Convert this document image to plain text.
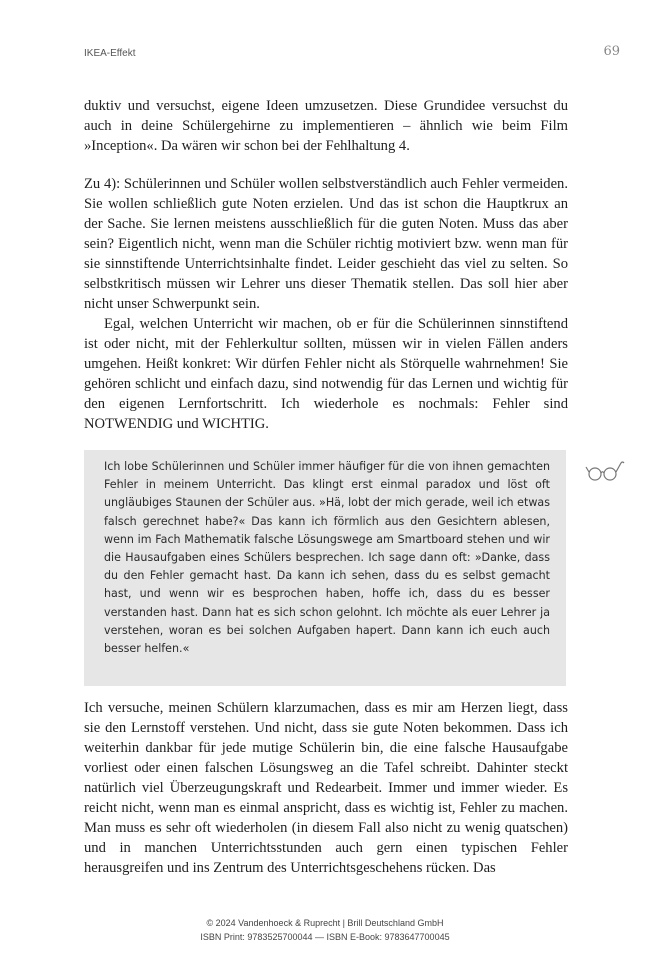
IKEA-Effekt	69

duktiv und versuchst, eigene Ideen umzusetzen. Diese Grundidee versuchst du auch in deine Schülergehirne zu implementieren – ähnlich wie beim Film »Inception«. Da wären wir schon bei der Fehlhaltung 4.

Zu 4): Schülerinnen und Schüler wollen selbstverständlich auch Fehler vermeiden. Sie wollen schließlich gute Noten erzielen. Und das ist schon die Hauptkrux an der Sache. Sie lernen meistens ausschließlich für die guten Noten. Muss das aber sein? Eigentlich nicht, wenn man die Schüler richtig motiviert bzw. wenn man für sie sinnstiftende Unterrichtsinhalte findet. Leider geschieht das viel zu selten. So selbstkritisch müssen wir Lehrer uns dieser Thematik stellen. Das soll hier aber nicht unser Schwerpunkt sein.

Egal, welchen Unterricht wir machen, ob er für die Schülerinnen sinnstiftend ist oder nicht, mit der Fehlerkultur sollten, müssen wir in vielen Fällen anders umgehen. Heißt konkret: Wir dürfen Fehler nicht als Störquelle wahrnehmen! Sie gehören schlicht und einfach dazu, sind notwendig für das Lernen und wichtig für den eigenen Lernfortschritt. Ich wiederhole es nochmals: Fehler sind NOTWENDIG und WICHTIG.

Ich lobe Schülerinnen und Schüler immer häufiger für die von ihnen gemachten Fehler in meinem Unterricht. Das klingt erst einmal paradox und löst oft ungläubiges Staunen der Schüler aus. »Hä, lobt der mich gerade, weil ich etwas falsch gerechnet habe?« Das kann ich förmlich aus den Gesichtern ablesen, wenn im Fach Mathematik falsche Lösungswege am Smartboard stehen und wir die Hausaufgaben eines Schülers besprechen. Ich sage dann oft: »Danke, dass du den Fehler gemacht hast. Da kann ich sehen, dass du es selbst gemacht hast, und wenn wir es besprochen haben, hoffe ich, dass du es besser verstanden hast. Dann hat es sich schon gelohnt. Ich möchte als euer Lehrer ja verstehen, woran es bei solchen Aufgaben hapert. Dann kann ich euch auch besser helfen.«

Ich versuche, meinen Schülern klarzumachen, dass es mir am Herzen liegt, dass sie den Lernstoff verstehen. Und nicht, dass sie gute Noten bekommen. Dass ich weiterhin dankbar für jede mutige Schülerin bin, die eine falsche Hausaufgabe vorliest oder einen falschen Lösungsweg an die Tafel schreibt. Dahinter steckt natürlich viel Überzeugungskraft und Redearbeit. Immer und immer wieder. Es reicht nicht, wenn man es einmal anspricht, dass es wichtig ist, Fehler zu machen. Man muss es sehr oft wiederholen (in diesem Fall also nicht zu wenig quatschen) und in manchen Unterrichtsstunden auch gern einen typischen Fehler herausgreifen und ins Zentrum des Unterrichtsgeschehens rücken. Das

© 2024 Vandenhoeck & Ruprecht | Brill Deutschland GmbH
ISBN Print: 9783525700044 — ISBN E-Book: 9783647700045
